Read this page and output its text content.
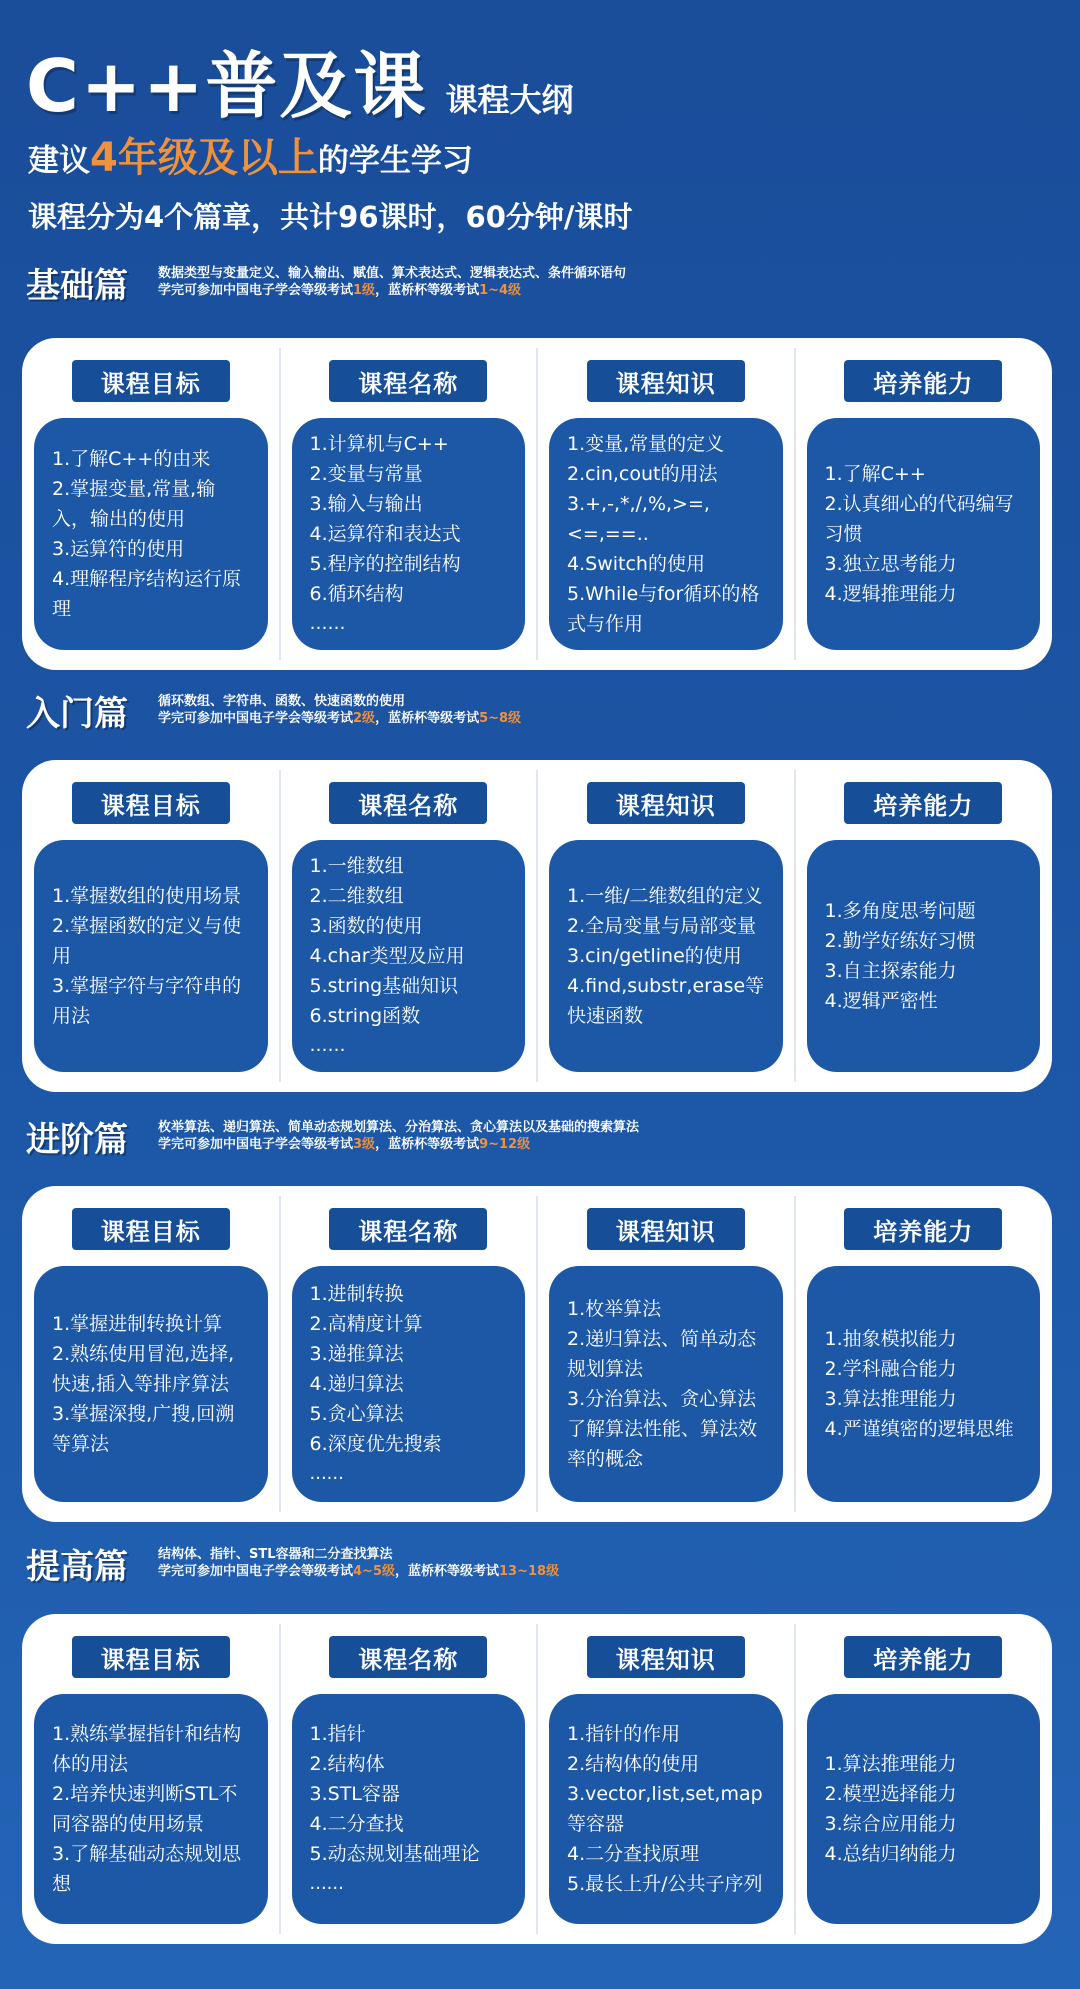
C++普及课 课程大纲
建议4年级及以上的学生学习
课程分为4个篇章，共计96课时，60分钟/课时
基础篇	数据类型与变量定义、输入输出、赋值、算术表达式、逻辑表达式、条件循环语句
学完可参加中国电子学会等级考试1级，蓝桥杯等级考试1~4级
课程目标
1.了解C++的由来
2.掌握变量,常量,输入，输出的使用
3.运算符的使用
4.理解程序结构运行原理
课程名称
1.计算机与C++
2.变量与常量
3.输入与输出
4.运算符和表达式
5.程序的控制结构
6.循环结构
……
课程知识
1.变量,常量的定义
2.cin,cout的用法
3.+,-,*,/,%,>=,<=,==..
4.Switch的使用
5.While与for循环的格式与作用
培养能力
1.了解C++
2.认真细心的代码编写习惯
3.独立思考能力
4.逻辑推理能力
入门篇	循环数组、字符串、函数、快速函数的使用
学完可参加中国电子学会等级考试2级，蓝桥杯等级考试5~8级
课程目标
1.掌握数组的使用场景
2.掌握函数的定义与使用
3.掌握字符与字符串的用法
课程名称
1.一维数组
2.二维数组
3.函数的使用
4.char类型及应用
5.string基础知识
6.string函数
……
课程知识
1.一维/二维数组的定义
2.全局变量与局部变量
3.cin/getline的使用
4.find,substr,erase等快速函数
培养能力
1.多角度思考问题
2.勤学好练好习惯
3.自主探索能力
4.逻辑严密性
进阶篇	枚举算法、递归算法、简单动态规划算法、分治算法、贪心算法以及基础的搜索算法
学完可参加中国电子学会等级考试3级，蓝桥杯等级考试9~12级
课程目标
1.掌握进制转换计算
2.熟练使用冒泡,选择,快速,插入等排序算法
3.掌握深搜,广搜,回溯等算法
课程名称
1.进制转换
2.高精度计算
3.递推算法
4.递归算法
5.贪心算法
6.深度优先搜索
......
课程知识
1.枚举算法
2.递归算法、简单动态规划算法
3.分治算法、贪心算法
了解算法性能、算法效率的概念
培养能力
1.抽象模拟能力
2.学科融合能力
3.算法推理能力
4.严谨缜密的逻辑思维
提高篇	结构体、指针、STL容器和二分查找算法
学完可参加中国电子学会等级考试4~5级，蓝桥杯等级考试13~18级
课程目标
1.熟练掌握指针和结构体的用法
2.培养快速判断STL不同容器的使用场景
3.了解基础动态规划思想
课程名称
1.指针
2.结构体
3.STL容器
4.二分查找
5.动态规划基础理论
......
课程知识
1.指针的作用
2.结构体的使用
3.vector,list,set,map等容器
4.二分查找原理
5.最长上升/公共子序列
培养能力
1.算法推理能力
2.模型选择能力
3.综合应用能力
4.总结归纳能力
